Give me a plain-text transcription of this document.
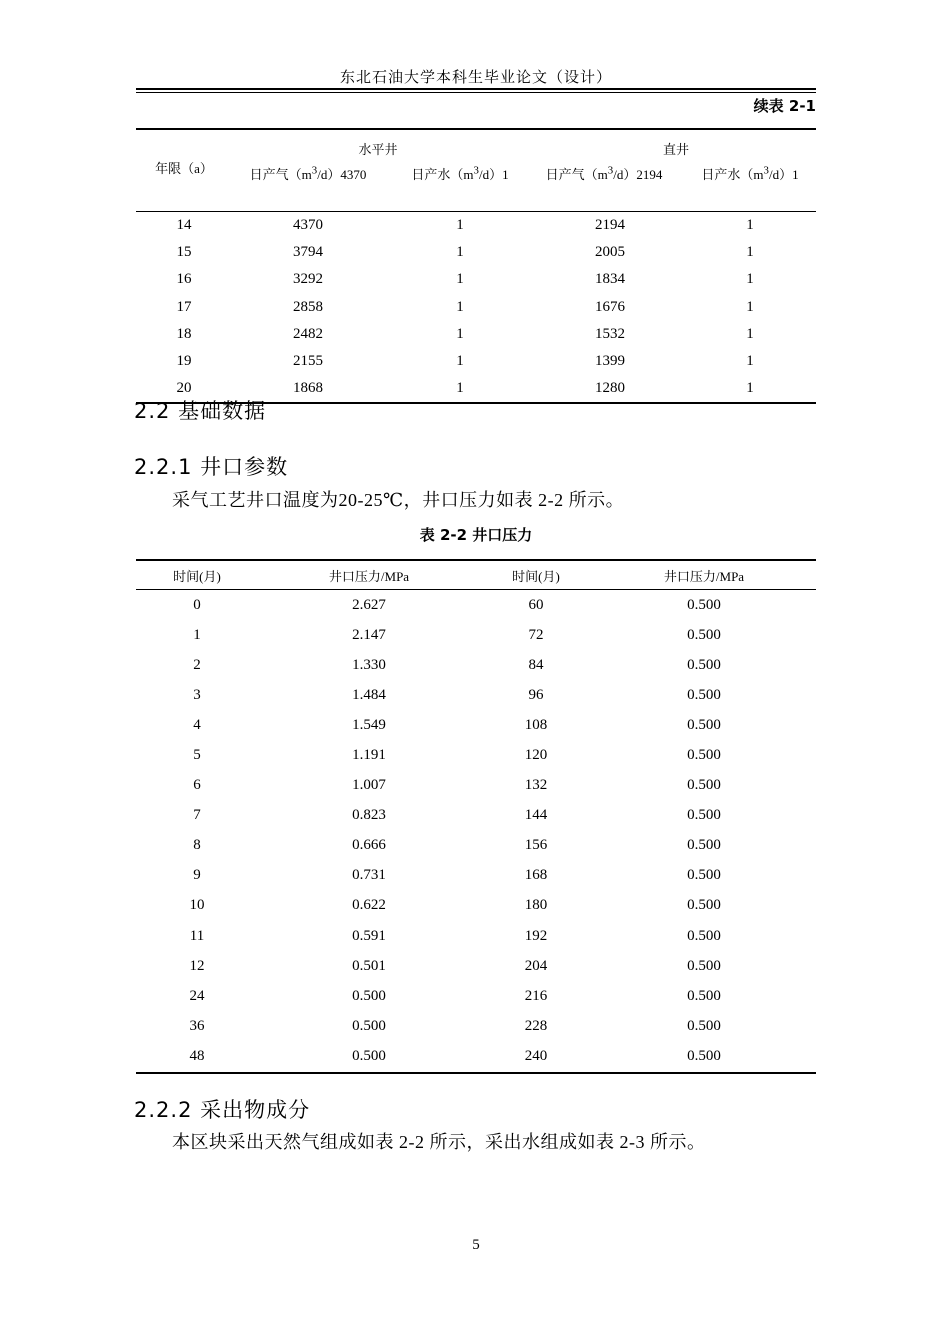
东北石油大学本科生毕业论文（设计）
续表 2-1
年限（a）
水平井	直井
日产气$(m^3/d)4370$	日产水$(m^3/d)1$	日产气$(m^3/d)2194$	日产水$(m^3/d)1$
14	4370	1	2194	1
15	3794	1	2005	1
16	3292	1	1834	1
17	2858	1	1676	1
18	2482	1	1532	1
19	2155	1	1399	1
20	1868	1	1280	1
2.2 基础数据
2.2.1 井口参数

采气工艺井口温度为20-25℃，井口压力如表 2-2 所示。

表 2-2 井口压力
时间(月)	井口压力/MPa	时间(月)	井口压力/MPa
0	2.627	60	0.500
1	2.147	72	0.500
2	1.330	84	0.500
3	1.484	96	0.500
4	1.549	108	0.500
5	1.191	120	0.500
6	1.007	132	0.500
7	0.823	144	0.500
8	0.666	156	0.500
9	0.731	168	0.500
10	0.622	180	0.500
11	0.591	192	0.500
12	0.501	204	0.500
24	0.500	216	0.500
36	0.500	228	0.500
48	0.500	240	0.500
2.2.2 采出物成分

本区块采出天然气组成如表 2-2 所示，采出水组成如表 2-3 所示。

5
